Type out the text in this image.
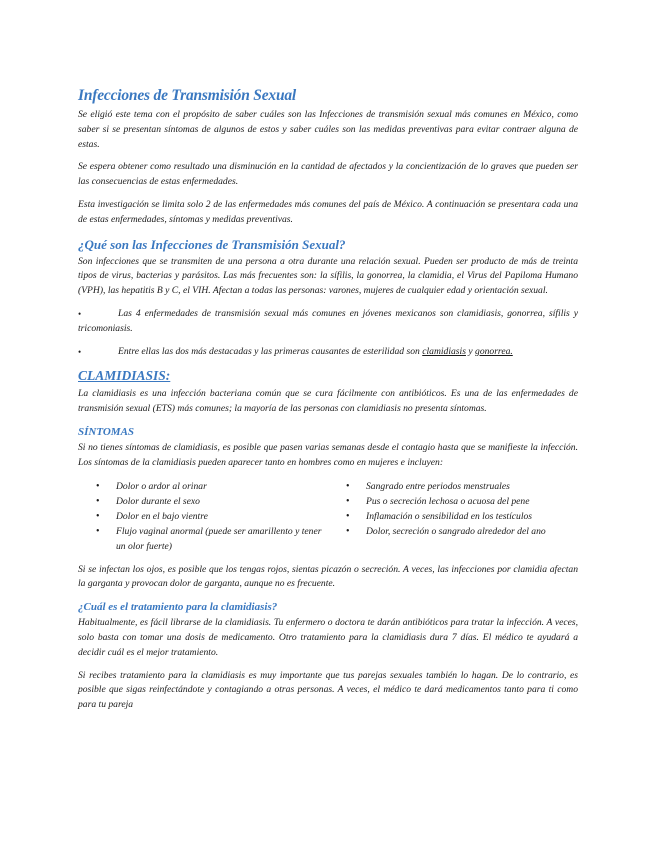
Infecciones de Transmisión Sexual

Se eligió este tema con el propósito de saber cuáles son las Infecciones de transmisión sexual más comunes en México, como saber si se presentan síntomas de algunos de estos y saber cuáles son las medidas preventivas para evitar contraer alguna de estas.

Se espera obtener como resultado una disminución en la cantidad de afectados y la concientización de lo graves que pueden ser las consecuencias de estas enfermedades.

Esta investigación se limita solo 2 de las enfermedades más comunes del país de México. A continuación se presentara cada una de estas enfermedades, síntomas y medidas preventivas.

¿Qué son las Infecciones de Transmisión Sexual?

Son infecciones que se transmiten de una persona a otra durante una relación sexual. Pueden ser producto de más de treinta tipos de virus, bacterias y parásitos. Las más frecuentes son: la sífilis, la gonorrea, la clamidia, el Virus del Papiloma Humano (VPH), las hepatitis B y C, el VIH. Afectan a todas las personas: varones, mujeres de cualquier edad y orientación sexual.

•	Las 4 enfermedades de transmisión sexual más comunes en jóvenes mexicanos son clamidiasis, gonorrea, sífilis y tricomoniasis.
•	Entre ellas las dos más destacadas y las primeras causantes de esterilidad son clamidiasis y gonorrea.
CLAMIDIASIS:

La clamidiasis es una infección bacteriana común que se cura fácilmente con antibióticos. Es una de las enfermedades de transmisión sexual (ETS) más comunes; la mayoría de las personas con clamidiasis no presenta síntomas.

SÍNTOMAS

Si no tienes síntomas de clamidiasis, es posible que pasen varias semanas desde el contagio hasta que se manifieste la infección. Los síntomas de la clamidiasis pueden aparecer tanto en hombres como en mujeres e incluyen:

• Dolor o ardor al orinar
• Dolor durante el sexo
• Dolor en el bajo vientre
• Flujo vaginal anormal (puede ser amarillento y tener un olor fuerte)
• Sangrado entre periodos menstruales
• Pus o secreción lechosa o acuosa del pene
• Inflamación o sensibilidad en los testículos
• Dolor, secreción o sangrado alrededor del ano

Si se infectan los ojos, es posible que los tengas rojos, sientas picazón o secreción. A veces, las infecciones por clamidia afectan la garganta y provocan dolor de garganta, aunque no es frecuente.

¿Cuál es el tratamiento para la clamidiasis?

Habitualmente, es fácil librarse de la clamidiasis. Tu enfermero o doctora te darán antibióticos para tratar la infección. A veces, solo basta con tomar una dosis de medicamento. Otro tratamiento para la clamidiasis dura 7 días. El médico te ayudará a decidir cuál es el mejor tratamiento.

Si recibes tratamiento para la clamidiasis es muy importante que tus parejas sexuales también lo hagan. De lo contrario, es posible que sigas reinfectándote y contagiando a otras personas. A veces, el médico te dará medicamentos tanto para ti como para tu pareja
